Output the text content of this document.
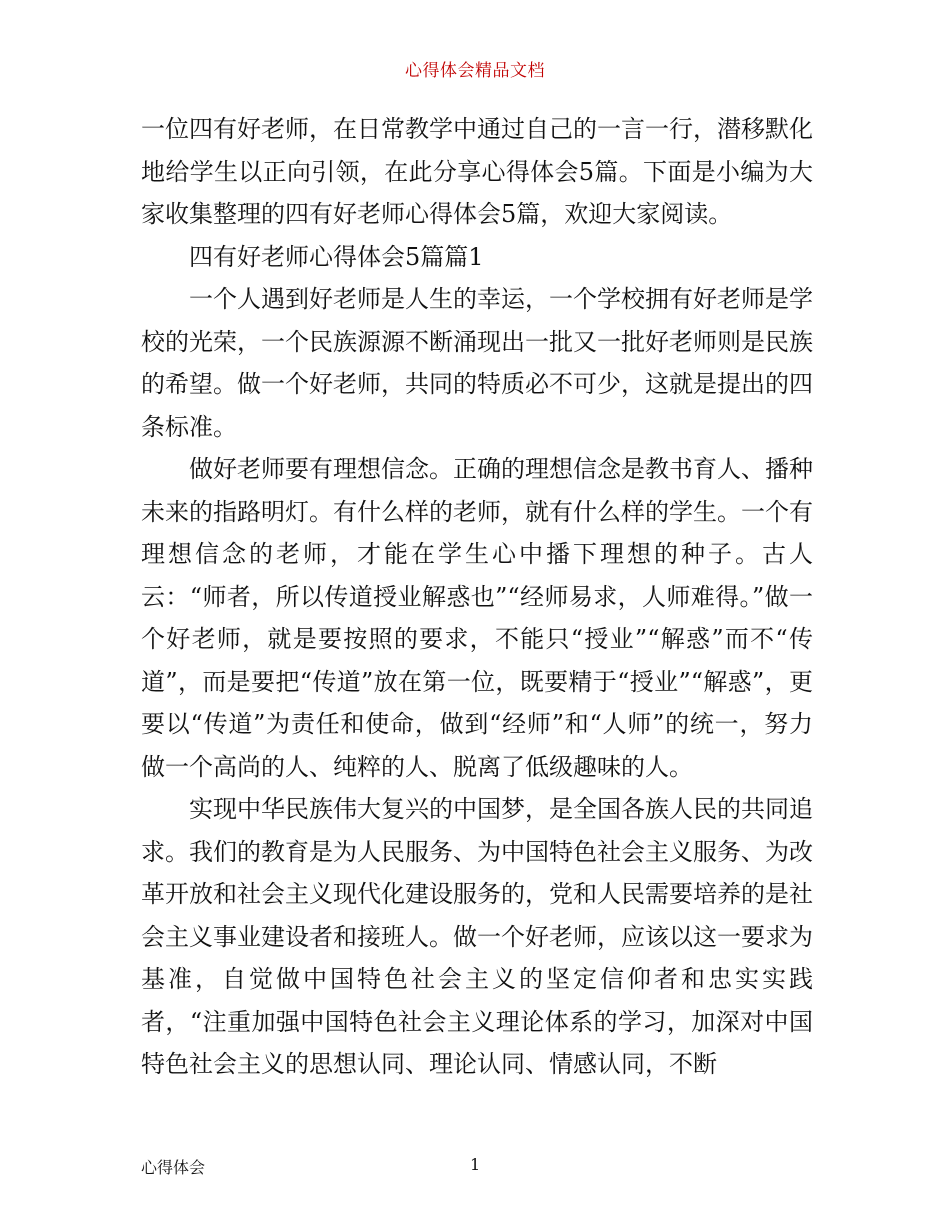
心得体会精品文档

一位四有好老师，在日常教学中通过自己的一言一行，潜移默化地给学生以正向引领，在此分享心得体会5篇。下面是小编为大家收集整理的四有好老师心得体会5篇，欢迎大家阅读。

四有好老师心得体会5篇篇1

一个人遇到好老师是人生的幸运，一个学校拥有好老师是学校的光荣，一个民族源源不断涌现出一批又一批好老师则是民族的希望。做一个好老师，共同的特质必不可少，这就是提出的四条标准。

做好老师要有理想信念。正确的理想信念是教书育人、播种未来的指路明灯。有什么样的老师，就有什么样的学生。一个有理想信念的老师，才能在学生心中播下理想的种子。古人云：“师者，所以传道授业解惑也”“经师易求，人师难得。”做一个好老师，就是要按照的要求，不能只“授业”“解惑”而不“传道”，而是要把“传道”放在第一位，既要精于“授业”“解惑”，更要以“传道”为责任和使命，做到“经师”和“人师”的统一，努力做一个高尚的人、纯粹的人、脱离了低级趣味的人。

实现中华民族伟大复兴的中国梦，是全国各族人民的共同追求。我们的教育是为人民服务、为中国特色社会主义服务、为改革开放和社会主义现代化建设服务的，党和人民需要培养的是社会主义事业建设者和接班人。做一个好老师，应该以这一要求为基准，自觉做中国特色社会主义的坚定信仰者和忠实实践者，“注重加强中国特色社会主义理论体系的学习，加深对中国特色社会主义的思想认同、理论认同、情感认同，不断

心得体会	1
